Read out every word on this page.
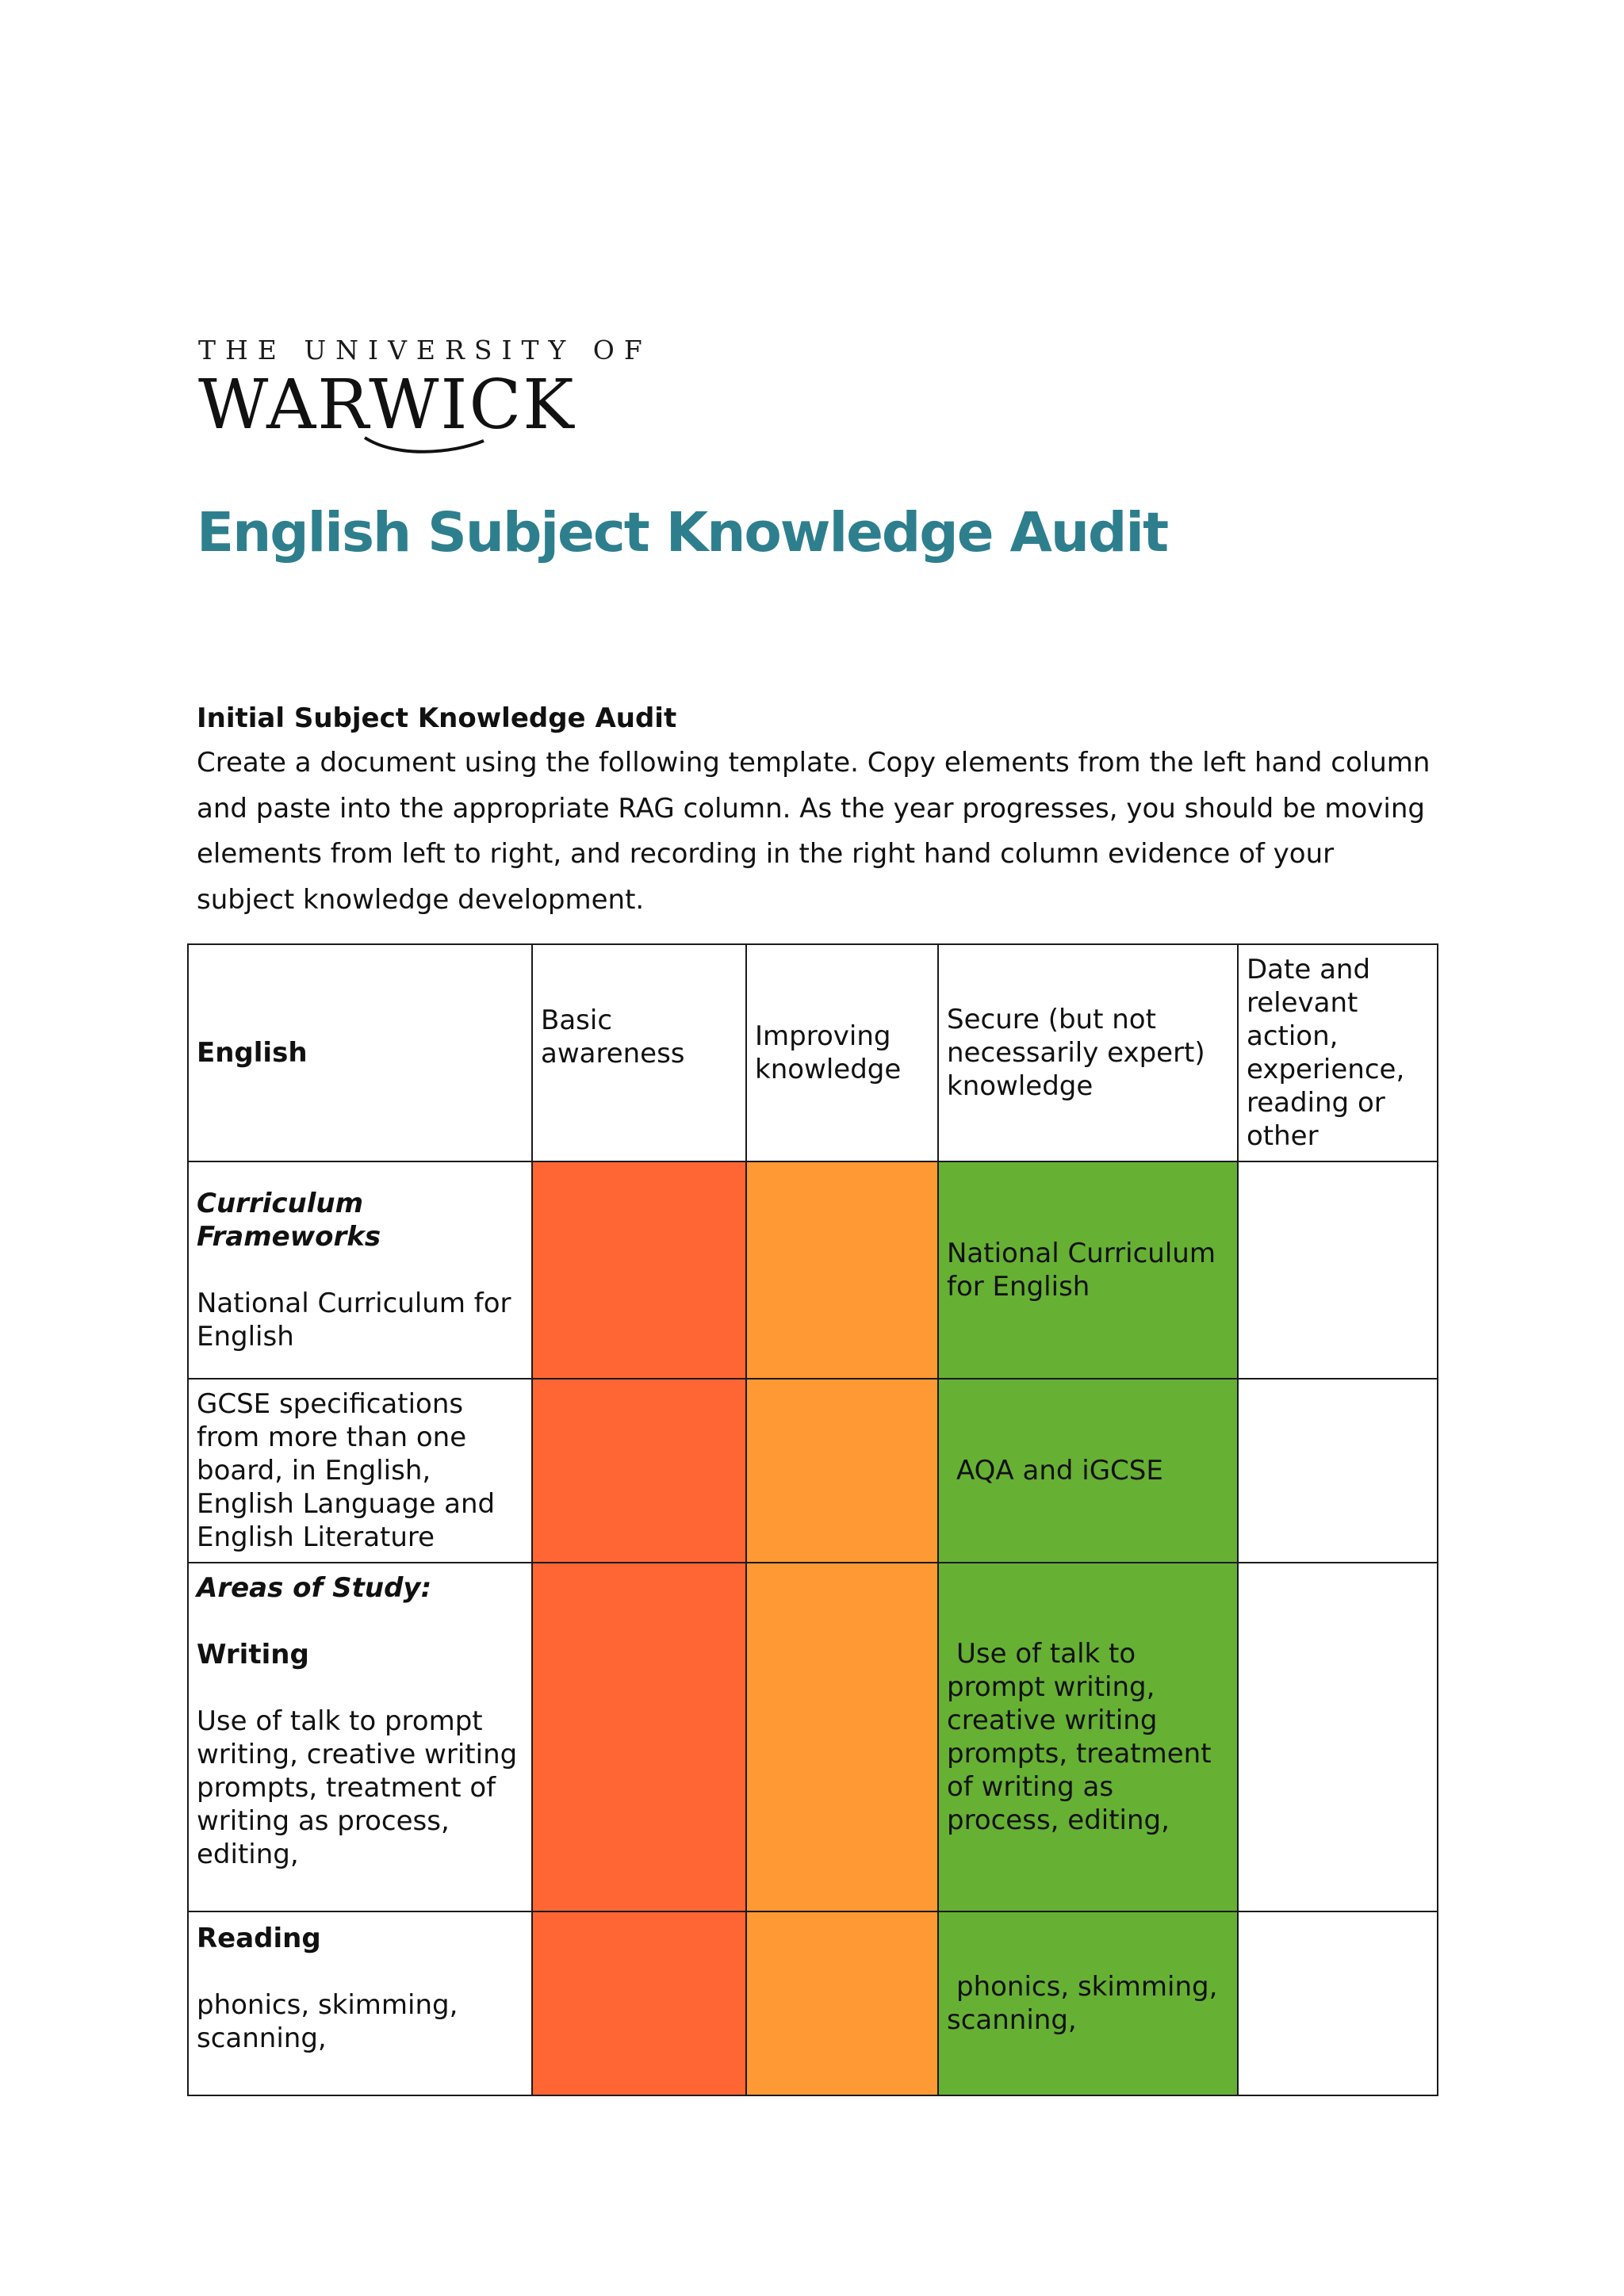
THE UNIVERSITY OF
WARWICK
English Subject Knowledge Audit

Initial Subject Knowledge Audit

Create a document using the following template. Copy elements from the left hand column and paste into the appropriate RAG column. As the year progresses, you should be moving elements from left to right, and recording in the right hand column evidence of your subject knowledge development.

English	Basic awareness	Improving knowledge	Secure (but not necessarily expert) knowledge	Date and relevant action, experience, reading or other

Curriculum Frameworks
National Curriculum for English			National Curriculum for English	

GCSE specifications from more than one board, in English, English Language and English Literature			AQA and iGCSE	

Areas of Study:
Writing
Use of talk to prompt writing, creative writing prompts, treatment of writing as process, editing,			Use of talk to prompt writing, creative writing prompts, treatment of writing as process, editing,	

Reading
phonics, skimming, scanning,			phonics, skimming, scanning,	
